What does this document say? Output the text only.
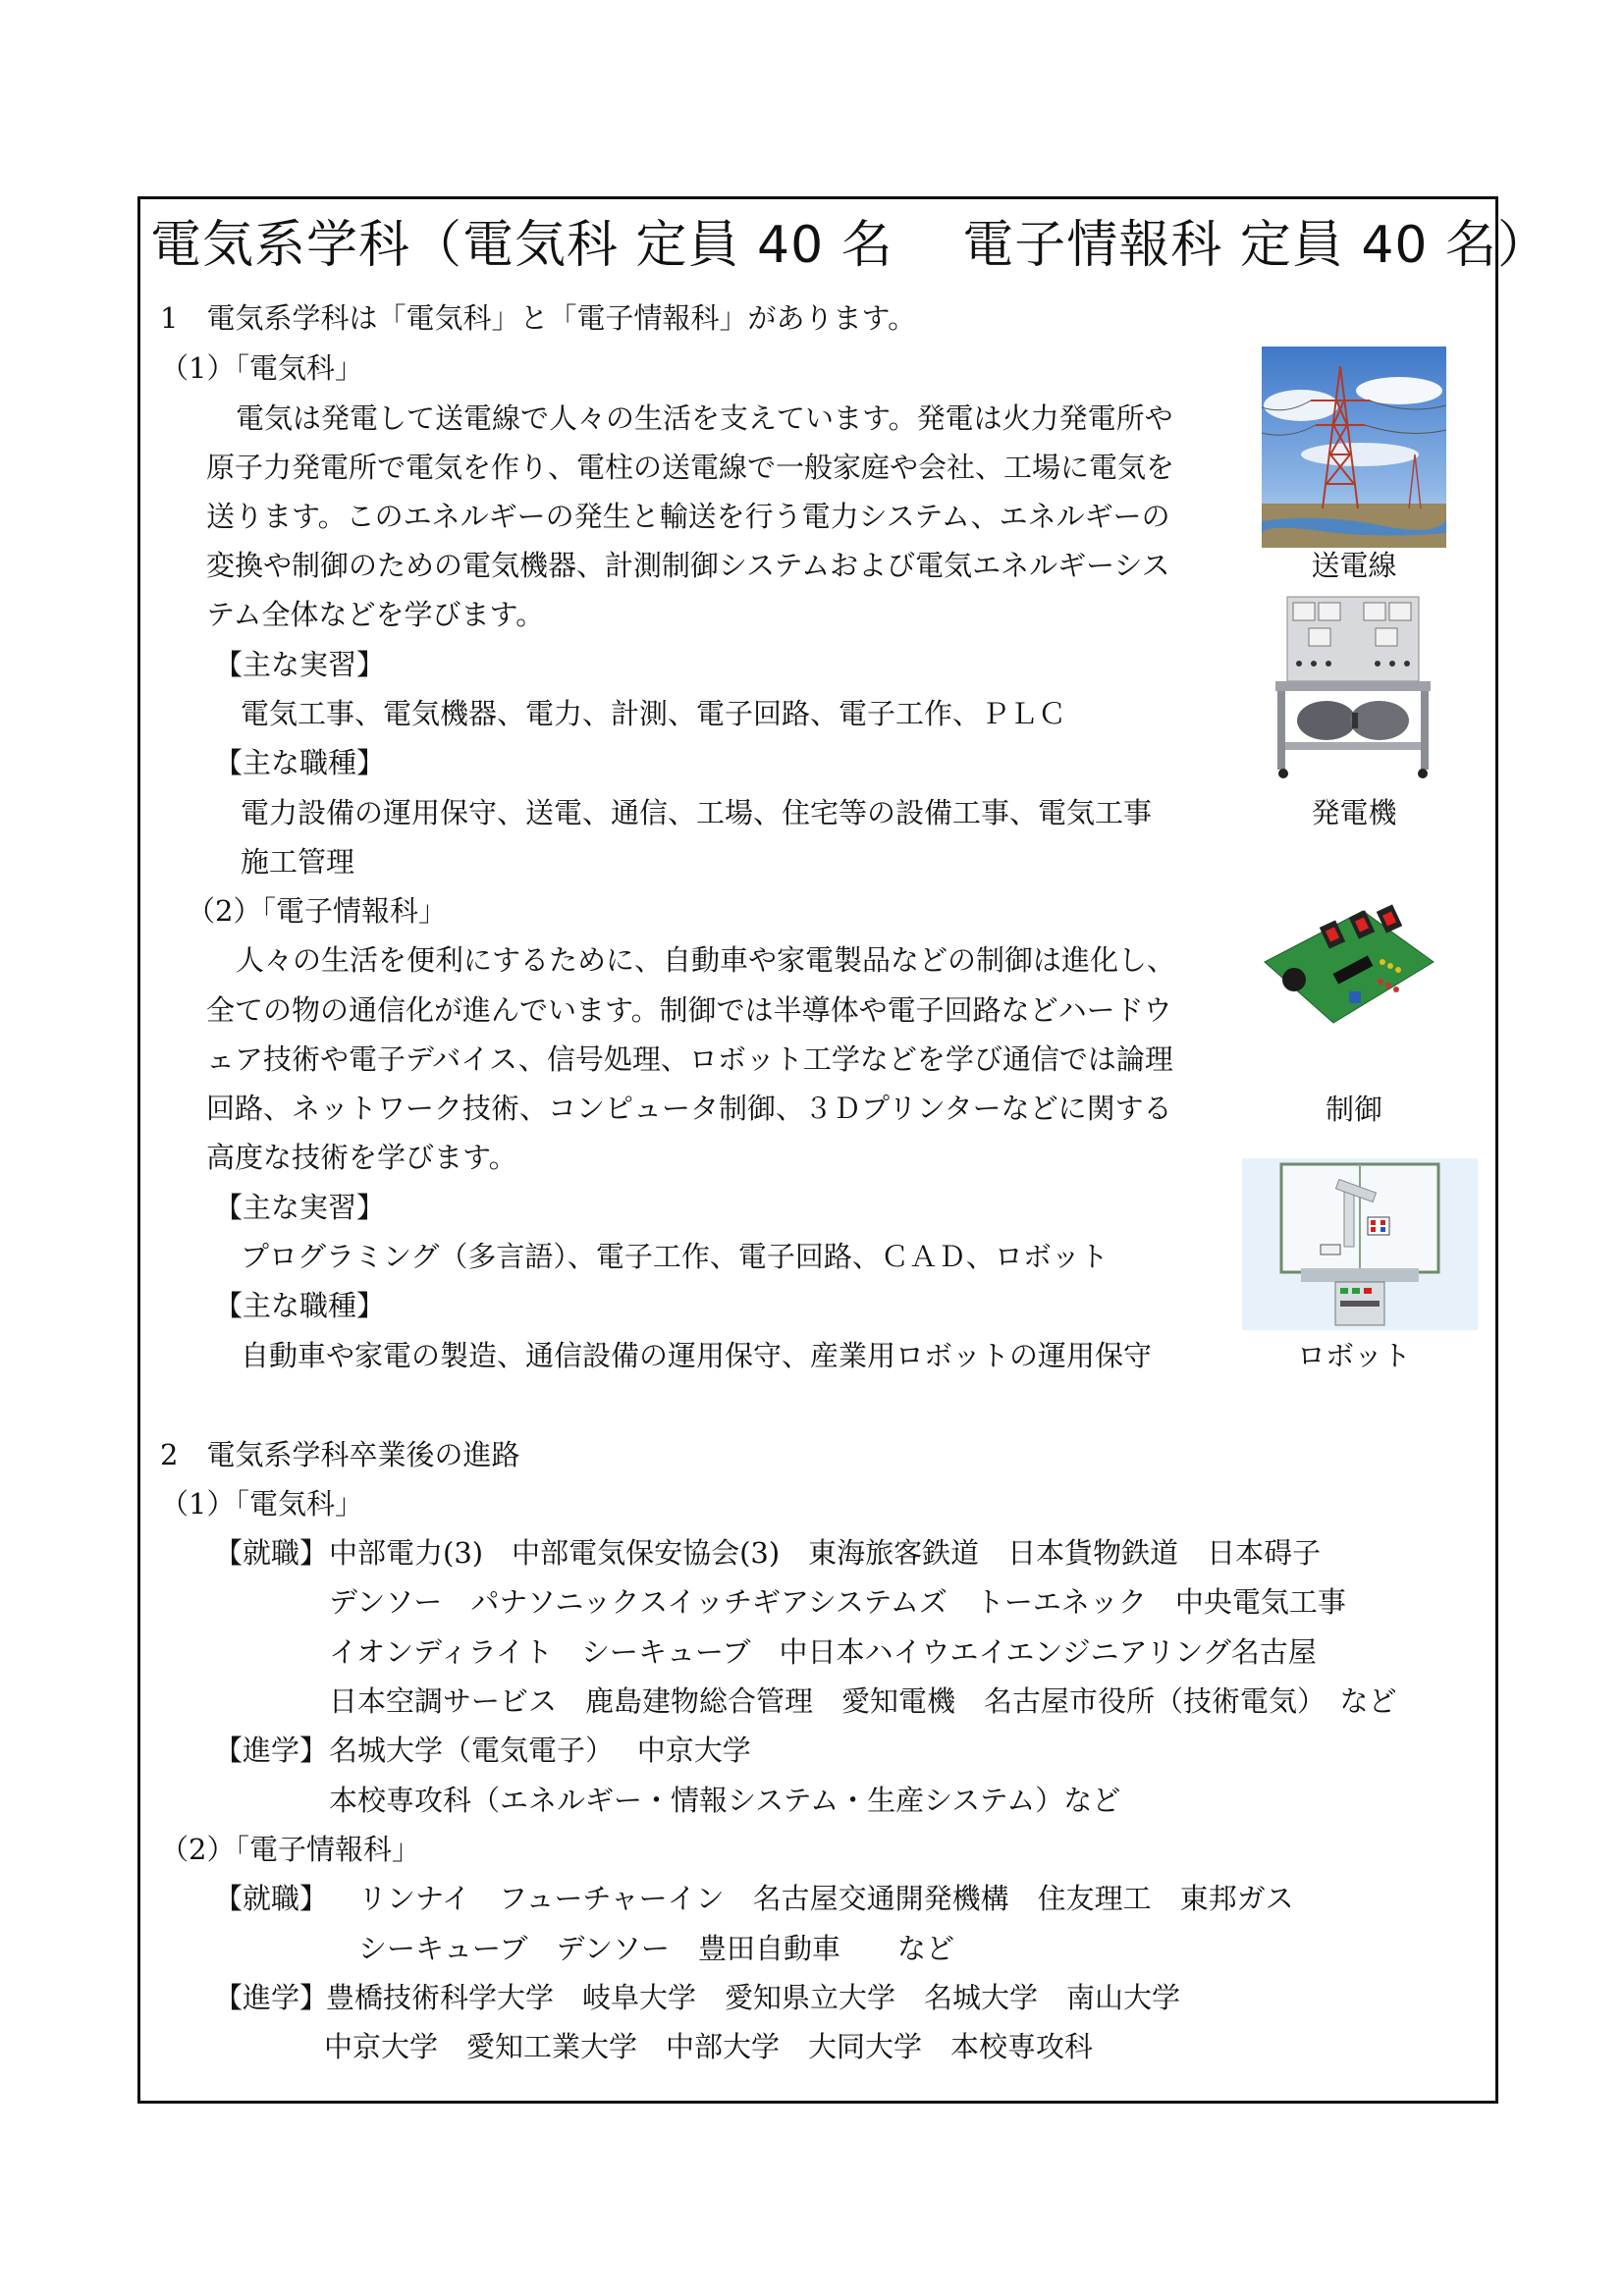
電気系学科（電気科 定員 40 名　 電子情報科 定員 40 名）
1　電気系学科は「電気科」と「電子情報科」があります。
（1）「電気科」
電気は発電して送電線で人々の生活を支えています。発電は火力発電所や
原子力発電所で電気を作り、電柱の送電線で一般家庭や会社、工場に電気を
送ります。このエネルギーの発生と輸送を行う電力システム、エネルギーの
変換や制御のための電気機器、計測制御システムおよび電気エネルギーシス
テム全体などを学びます。
【主な実習】
電気工事、電気機器、電力、計測、電子回路、電子工作、ＰＬＣ
【主な職種】
電力設備の運用保守、送電、通信、工場、住宅等の設備工事、電気工事
施工管理
（2）「電子情報科」
人々の生活を便利にするために、自動車や家電製品などの制御は進化し、
全ての物の通信化が進んでいます。制御では半導体や電子回路などハードウ
ェア技術や電子デバイス、信号処理、ロボット工学などを学び通信では論理
回路、ネットワーク技術、コンピュータ制御、３Ｄプリンターなどに関する
高度な技術を学びます。
【主な実習】
プログラミング（多言語）、電子工作、電子回路、ＣＡＤ、ロボット
【主な職種】
自動車や家電の製造、通信設備の運用保守、産業用ロボットの運用保守
2　電気系学科卒業後の進路
（1）「電気科」
【就職】 中部電力(3)　中部電気保安協会(3)　東海旅客鉄道　日本貨物鉄道　日本碍子
デンソー　パナソニックスイッチギアシステムズ　トーエネック　中央電気工事
イオンディライト　シーキューブ　中日本ハイウエイエンジニアリング名古屋
日本空調サービス　鹿島建物総合管理　愛知電機　名古屋市役所（技術電気）　など
【進学】 名城大学（電気電子）　 中京大学
本校専攻科（エネルギー・情報システム・生産システム）など
（2）「電子情報科」
【就職】 リンナイ　フューチャーイン　名古屋交通開発機構　住友理工　東邦ガス
シーキューブ　デンソー　豊田自動車　　など
【進学】
豊橋技術科学大学　岐阜大学　愛知県立大学　名城大学　南山大学
中京大学　愛知工業大学　中部大学　大同大学　本校専攻科
送電線
発電機
制御
ロボット
